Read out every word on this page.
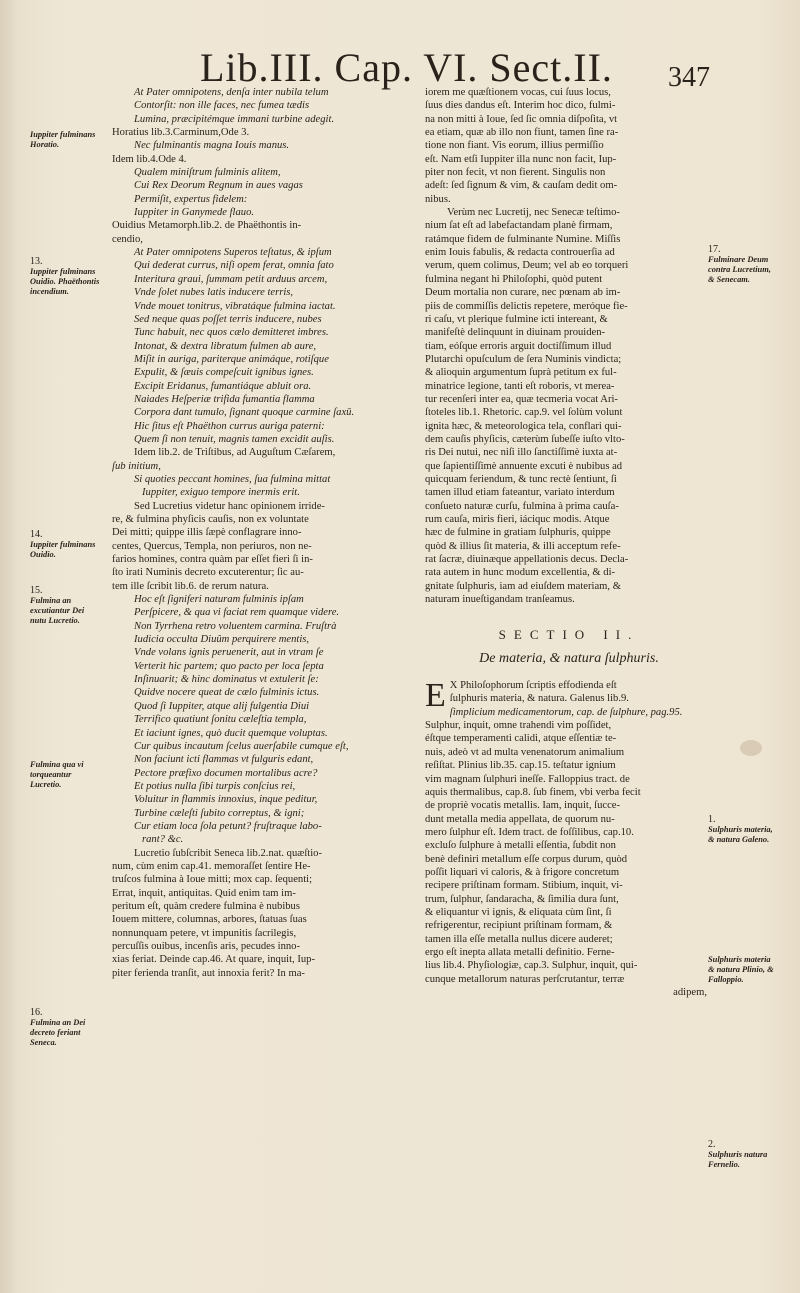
Lib.III. Cap. VI. Sect.II. 347

At Pater omnipotens, denſa inter nubila telum

Contorſit: non ille faces, nec fumea tædis

Lumina, præcipitémque immani turbine adegit.

Horatius lib.3.Carminum,Ode 3.

Nec fulminantis magna Iouis manus.

Idem lib.4.Ode 4.

Qualem miniſtrum fulminis alitem,

Cui Rex Deorum Regnum in aues vagas

Permiſit, expertus fidelem:

Iuppiter in Ganymede flauo.

Ouidius Metamorph.lib.2. de Phaëthontis in-

cendio,

At Pater omnipotens Superos teſtatus, & ipſum

Qui dederat currus, niſi opem ferat, omnia fato

Interitura graui, ſummam petit arduus arcem,

Vnde ſolet nubes latis inducere terris,

Vnde mouet tonitrus, vibratáque fulmina iactat.

Sed neque quas poſſet terris inducere, nubes

Tunc habuit, nec quos cælo demitteret imbres.

Intonat, & dextra libratum fulmen ab aure,

Miſit in auriga, pariterque animáque, rotiſque

Expulit, & ſæuis compeſcuit ignibus ignes.

Excipit Eridanus, fumantiáque abluit ora.

Naiades Heſperiæ trifida fumantia flamma

Corpora dant tumulo, ſignant quoque carmine ſaxū.

Hic ſitus eſt Phaëthon currus auriga paterni:

Quem ſi non tenuit, magnis tamen excidit auſis.

Idem lib.2. de Triſtibus, ad Auguſtum Cæſarem,

ſub initium,

Si quoties peccant homines, ſua fulmina mittat

Iuppiter, exiguo tempore inermis erit.

Sed Lucretius videtur hanc opinionem irride-

re, & fulmina phyſicis cauſis, non ex voluntate

Dei mitti; quippe illis ſæpè conflagrare inno-

centes, Quercus, Templa, non periuros, non ne-

farios homines, contra quàm par eſſet fieri ſi in-

ſto irati Numinis decreto excuterentur; ſic au-

tem ille ſcribit lib.6. de rerum natura.

Hoc eſt ſigniferi naturam fulminis ipſam

Perſpicere, & qua vi faciat rem quamque videre.

Non Tyrrhena retro voluentem carmina. Fruſtrà

Iudicia occulta Diuûm perquirere mentis,

Vnde volans ignis peruenerit, aut in vtram ſe

Verterit hic partem; quo pacto per loca ſepta

Inſinuarit; & hinc dominatus vt extulerit ſe:

Quidve nocere queat de cælo fulminis ictus.

Quod ſi Iuppiter, atque alij fulgentia Diui

Terrifico quatiunt ſonitu cæleſtia templa,

Et iaciunt ignes, quò ducit quemque voluptas.

Cur quibus incautum ſcelus auerſabile cumque eſt,

Non faciunt icti flammas vt fulguris edant,

Pectore præfixo documen mortalibus acre?

Et potius nulla ſibi turpis conſcius rei,

Voluitur in flammis innoxius, inque peditur,

Turbine cæleſti ſubito correptus, & igni;

Cur etiam loca ſola petunt? fruſtraque labo-

rant? &c.

Lucretio ſubſcribit Seneca lib.2.nat. quæſtio-

num, cùm enim cap.41. memoraſſet ſentire He-

truſcos fulmina à Ioue mitti; mox cap. ſequenti;

Errat, inquit, antiquitas. Quid enim tam im-

peritum eſt, quàm credere fulmina è nubibus

Iouem mittere, columnas, arbores, ſtatuas ſuas

nonnunquam petere, vt impunitis ſacrilegis,

percuſſis ouibus, incenſis aris, pecudes inno-

xias feriat. Deinde cap.46. At quare, inquit, Iup-

piter ferienda tranſit, aut innoxia ferit? In ma-

iorem me quæſtionem vocas, cui ſuus locus,

ſuus dies dandus eſt. Interim hoc dico, fulmi-

na non mitti à Ioue, ſed ſic omnia diſpoſita, vt

ea etiam, quæ ab illo non fiunt, tamen ſine ra-

tione non fiant. Vis eorum, illius permiſſio

eſt. Nam etſi Iuppiter illa nunc non facit, Iup-

piter non fecit, vt non fierent. Singulis non

adeſt: ſed ſignum & vim, & cauſam dedit om-

nibus.

Verùm nec Lucretij, nec Senecæ teſtimo-

nium ſat eſt ad labefactandam planè firmam,

ratámque fidem de fulminante Numine. Miſſis

enim Iouis fabulis, & redacta controuerſia ad

verum, quem colimus, Deum; vel ab eo torqueri

fulmina negant hi Philoſophi, quòd putent

Deum mortalia non curare, nec pœnam ab im-

piis de commiſſis delictis repetere, meróque fie-

ri caſu, vt plerique fulmine icti intereant, &

manifeſtè delinquunt in diuinam prouiden-

tiam, eóſque erroris arguit doctiſſimum illud

Plutarchi opuſculum de ſera Numinis vindicta;

& alioquin argumentum ſuprà petitum ex ful-

minatrice legione, tanti eſt roboris, vt merea-

tur recenſeri inter ea, quæ tecmeria vocat Ari-

ſtoteles lib.1. Rhetoric. cap.9. vel ſolùm volunt

ignita hæc, & meteorologica tela, conflari qui-

dem cauſis phyſicis, cæterùm ſubeſſe iuſto vlto-

ris Dei nutui, nec niſi illo ſanctiſſimè iuxta at-

que ſapientiſſimè annuente excuti è nubibus ad

quicquam feriendum, & tunc rectè ſentiunt, ſi

tamen illud etiam fateantur, variato interdum

conſueto naturæ curſu, fulmina à prima cauſa-

rum cauſa, miris fieri, iáciquc modis. Atque

hæc de fulmine in gratiam ſulphuris, quippe

quòd & illius ſit materia, & illi acceptum refe-

rat ſacræ, diuinæque appellationis decus. Decla-

rata autem in hunc modum excellentia, & di-

gnitate ſulphuris, iam ad eiuſdem materiam, &

naturam inueſtigandam tranſeamus.

SECTIO II.

De materia, & natura ſulphuris.

E X Philoſophorum ſcriptis effodienda eſt

ſulphuris materia, & natura. Galenus lib.9.

ſimplicium medicamentorum, cap. de ſulphure, pag.95.

Sulphur, inquit, omne trahendi vim poſſidet,

éſtque temperamenti calidi, atque eſſentiæ te-

nuis, adeò vt ad multa venenatorum animalium

reſiſtat. Plinius lib.35. cap.15. teſtatur ignium

vim magnam ſulphuri ineſſe. Falloppius tract. de

aquis thermalibus, cap.8. ſub finem, vbi verba fecit

de propriè vocatis metallis. Iam, inquit, ſucce-

dunt metalla media appellata, de quorum nu-

mero ſulphur eſt. Idem tract. de foſſilibus, cap.10.

excluſo ſulphure à metalli eſſentia, ſubdit non

benè definiri metallum eſſe corpus durum, quòd

poſſit liquari vi caloris, & à frigore concretum

recipere priſtinam formam. Stibium, inquit, vi-

trum, ſulphur, ſandaracha, & ſimilia dura ſunt,

& eliquantur vi ignis, & eliquata cùm ſint, ſi

refrigerentur, recipiunt priſtinam formam, &

tamen illa eſſe metalla nullus dicere auderet;

ergo eſt inepta allata metalli definitio. Ferne-

lius lib.4. Phyſiologiæ, cap.3. Sulphur, inquit, qui-

cunque metallorum naturas perſcrutantur, terræ

adipem,

Iuppiter fulminans Horatio.
13.
Iuppiter fulminans Ouidio. Phaëthontis incendium.
14.
Iuppiter fulminans Ouidio.
15.
Fulmina an excutiantur Dei nutu Lucretio.
Fulmina qua vi torqueantur Lucretio.
16.
Fulmina an Dei decreto feriant Seneca.
17.
Fulminare Deum contra Lucretium, & Senecam.
1.
Sulphuris materia, & natura Galeno.
Sulphuris materia & natura Plinio, & Falloppio.
2.
Sulphuris natura Fernelio.
